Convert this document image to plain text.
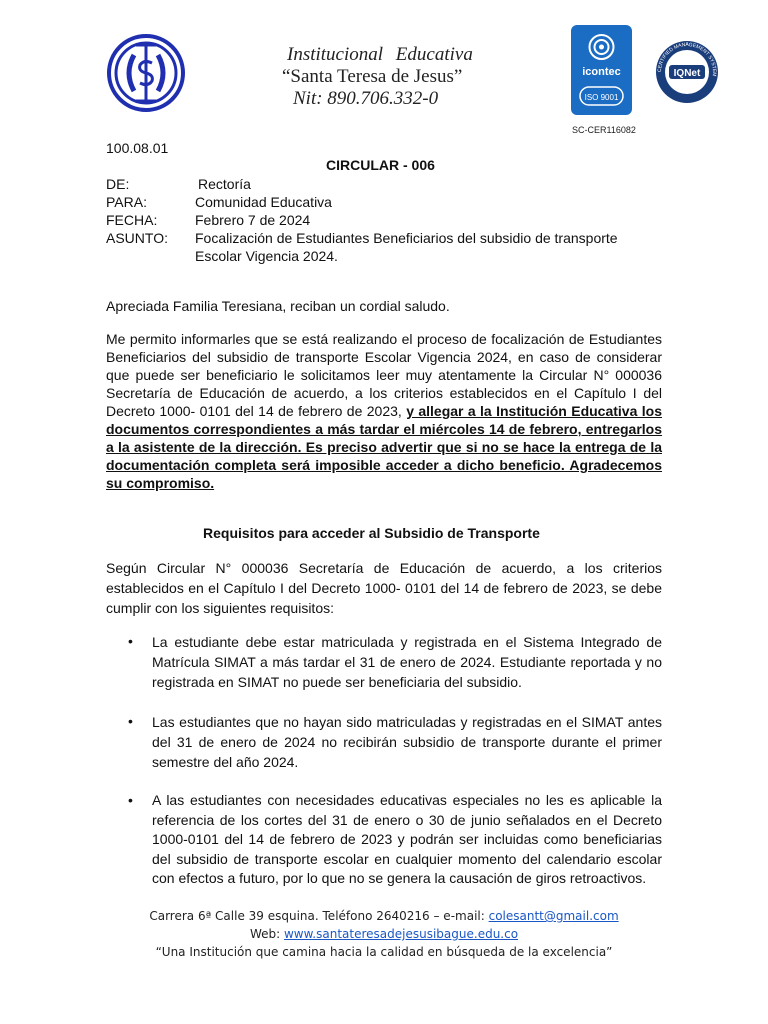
Institucional Educativa
“Santa Teresa de Jesus”
Nit: 890.706.332-0
icontec
ISO 9001
CERTIFIED MANAGEMENT SYSTEM
IQNet
SC-CER116082
100.08.01
CIRCULAR - 006
DE:	Rectoría
PARA:	Comunidad Educativa
FECHA:	Febrero 7 de 2024
ASUNTO: Focalización de Estudiantes Beneficiarios del subsidio de transporte Escolar Vigencia 2024.
Apreciada Familia Teresiana, reciban un cordial saludo.
Me permito informarles que se está realizando el proceso de focalización de Estudiantes Beneficiarios del subsidio de transporte Escolar Vigencia 2024, en caso de considerar que puede ser beneficiario le solicitamos leer muy atentamente la Circular N° 000036 Secretaría de Educación de acuerdo, a los criterios establecidos en el Capítulo I del Decreto 1000- 0101 del 14 de febrero de 2023, y allegar a la Institución Educativa los documentos correspondientes a más tardar el miércoles 14 de febrero, entregarlos a la asistente de la dirección. Es preciso advertir que si no se hace la entrega de la documentación completa será imposible acceder a dicho beneficio. Agradecemos su compromiso.
Requisitos para acceder al Subsidio de Transporte
Según Circular N° 000036 Secretaría de Educación de acuerdo, a los criterios establecidos en el Capítulo I del Decreto 1000- 0101 del 14 de febrero de 2023, se debe cumplir con los siguientes requisitos:
• La estudiante debe estar matriculada y registrada en el Sistema Integrado de Matrícula SIMAT a más tardar el 31 de enero de 2024. Estudiante reportada y no registrada en SIMAT no puede ser beneficiaria del subsidio.
• Las estudiantes que no hayan sido matriculadas y registradas en el SIMAT antes del 31 de enero de 2024 no recibirán subsidio de transporte durante el primer semestre del año 2024.
• A las estudiantes con necesidades educativas especiales no les es aplicable la referencia de los cortes del 31 de enero o 30 de junio señalados en el Decreto 1000-0101 del 14 de febrero de 2023 y podrán ser incluidas como beneficiarias del subsidio de transporte escolar en cualquier momento del calendario escolar con efectos a futuro, por lo que no se genera la causación de giros retroactivos.
Carrera 6ª Calle 39 esquina. Teléfono 2640216 – e-mail: colesantt@gmail.com
Web: www.santateresadejesusibague.edu.co
“Una Institución que camina hacia la calidad en búsqueda de la excelencia”
